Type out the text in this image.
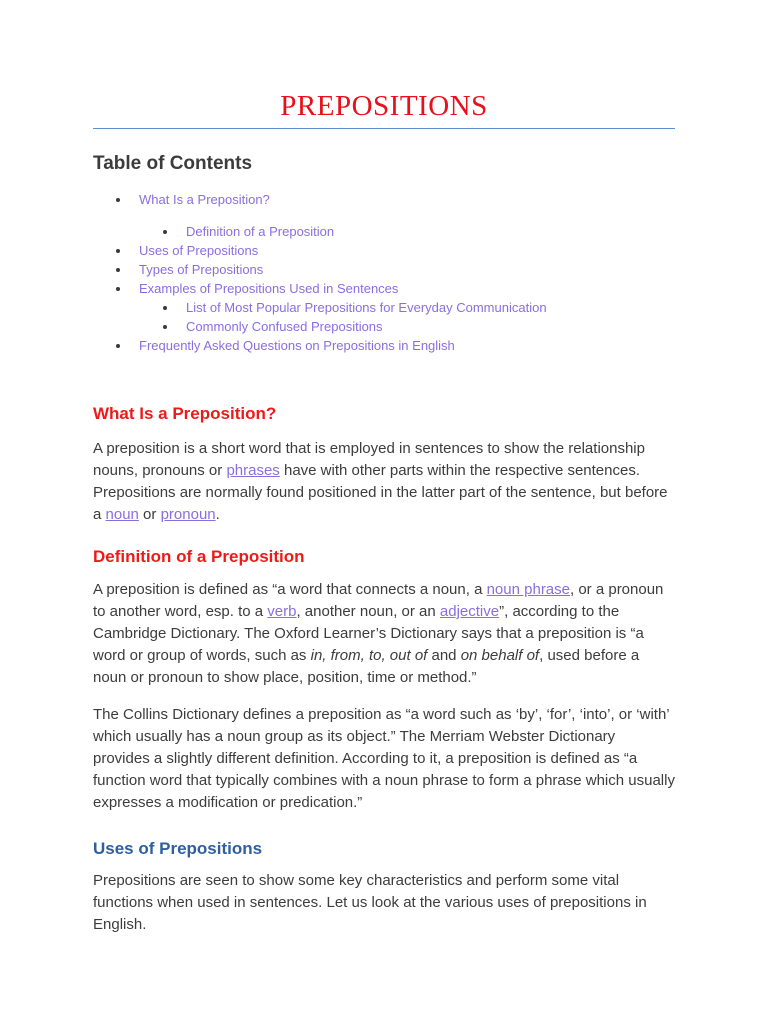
PREPOSITIONS
Table of Contents
What Is a Preposition?
Definition of a Preposition
Uses of Prepositions
Types of Prepositions
Examples of Prepositions Used in Sentences
List of Most Popular Prepositions for Everyday Communication
Commonly Confused Prepositions
Frequently Asked Questions on Prepositions in English
What Is a Preposition?

A preposition is a short word that is employed in sentences to show the relationship nouns, pronouns or phrases have with other parts within the respective sentences. Prepositions are normally found positioned in the latter part of the sentence, but before a noun or pronoun.

Definition of a Preposition

A preposition is defined as “a word that connects a noun, a noun phrase, or a pronoun to another word, esp. to a verb, another noun, or an adjective”, according to the Cambridge Dictionary. The Oxford Learner’s Dictionary says that a preposition is “a word or group of words, such as in, from, to, out of and on behalf of, used before a noun or pronoun to show place, position, time or method.”

The Collins Dictionary defines a preposition as “a word such as ‘by’, ‘for’, ‘into’, or ‘with’ which usually has a noun group as its object.” The Merriam Webster Dictionary provides a slightly different definition. According to it, a preposition is defined as “a function word that typically combines with a noun phrase to form a phrase which usually expresses a modification or predication.”

Uses of Prepositions

Prepositions are seen to show some key characteristics and perform some vital functions when used in sentences. Let us look at the various uses of prepositions in English.
